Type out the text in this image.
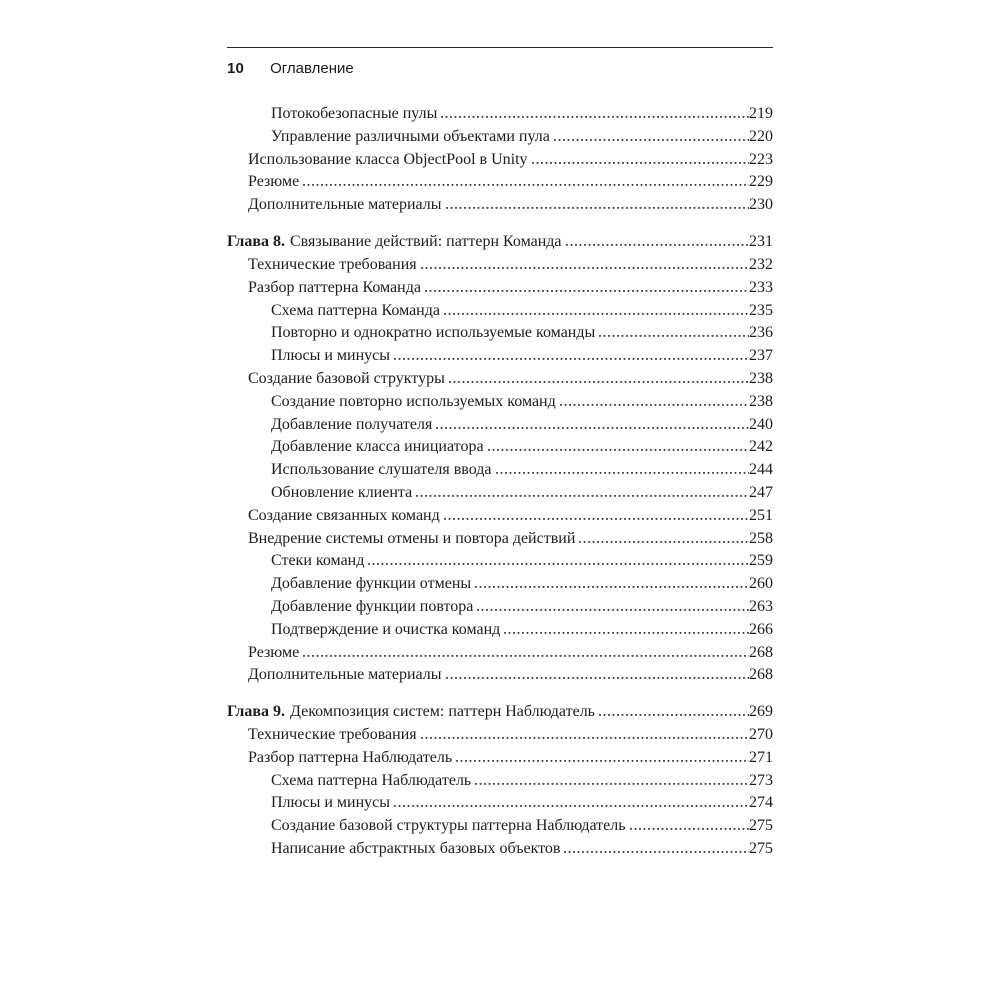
10 Оглавление
Потокобезопасные пулы	219
Управление различными объектами пула	220
Использование класса ObjectPool в Unity	223
Резюме	229
Дополнительные материалы	230
Глава 8. Связывание действий: паттерн Команда	231
Технические требования	232
Разбор паттерна Команда	233
Схема паттерна Команда	235
Повторно и однократно используемые команды	236
Плюсы и минусы	237
Создание базовой структуры	238
Создание повторно используемых команд	238
Добавление получателя	240
Добавление класса инициатора	242
Использование слушателя ввода	244
Обновление клиента	247
Создание связанных команд	251
Внедрение системы отмены и повтора действий	258
Стеки команд	259
Добавление функции отмены	260
Добавление функции повтора	263
Подтверждение и очистка команд	266
Резюме	268
Дополнительные материалы	268
Глава 9. Декомпозиция систем: паттерн Наблюдатель	269
Технические требования	270
Разбор паттерна Наблюдатель	271
Схема паттерна Наблюдатель	273
Плюсы и минусы	274
Создание базовой структуры паттерна Наблюдатель	275
Написание абстрактных базовых объектов	275
